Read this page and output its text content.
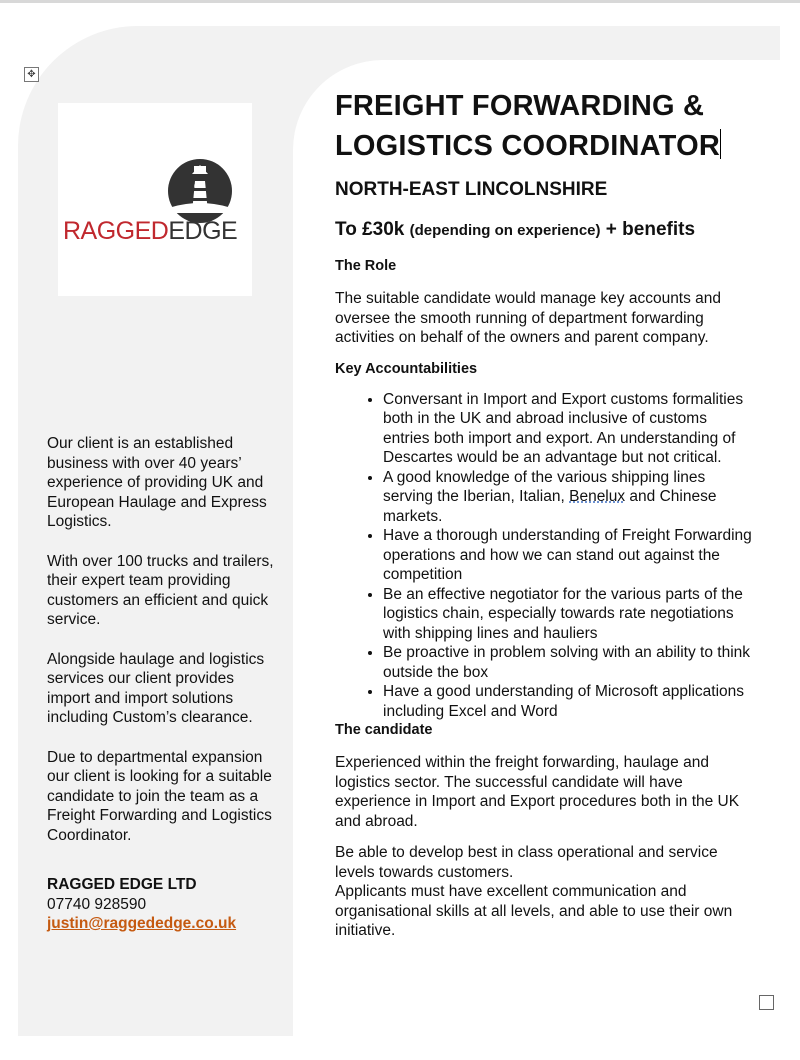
✥
RAGGEDEDGE
EST.

Our client is an established business with over 40 years’ experience of providing UK and European Haulage and Express Logistics.

With over 100 trucks and trailers, their expert team providing customers an efficient and quick service.

Alongside haulage and logistics services our client provides import and import solutions including Custom’s clearance.

Due to departmental expansion our client is looking for a suitable candidate to join the team as a Freight Forwarding and Logistics Coordinator.

RAGGED EDGE LTD
07740 928590
justin@raggededge.co.uk
FREIGHT FORWARDING & LOGISTICS COORDINATOR
NORTH-EAST LINCOLNSHIRE
To £30k (depending on experience) + benefits
The Role
The suitable candidate would manage key accounts and oversee the smooth running of department forwarding activities on behalf of the owners and parent company.
Key Accountabilities
• Conversant in Import and Export customs formalities both in the UK and abroad inclusive of customs entries both import and export. An understanding of Descartes would be an advantage but not critical.
• A good knowledge of the various shipping lines serving the Iberian, Italian, Benelux and Chinese markets.
• Have a thorough understanding of Freight Forwarding operations and how we can stand out against the competition
• Be an effective negotiator for the various parts of the logistics chain, especially towards rate negotiations with shipping lines and hauliers
• Be proactive in problem solving with an ability to think outside the box
• Have a good understanding of Microsoft applications including Excel and Word
The candidate
Experienced within the freight forwarding, haulage and logistics sector. The successful candidate will have experience in Import and Export procedures both in the UK and abroad.
Be able to develop best in class operational and service levels towards customers.
Applicants must have excellent communication and organisational skills at all levels, and able to use their own initiative.
